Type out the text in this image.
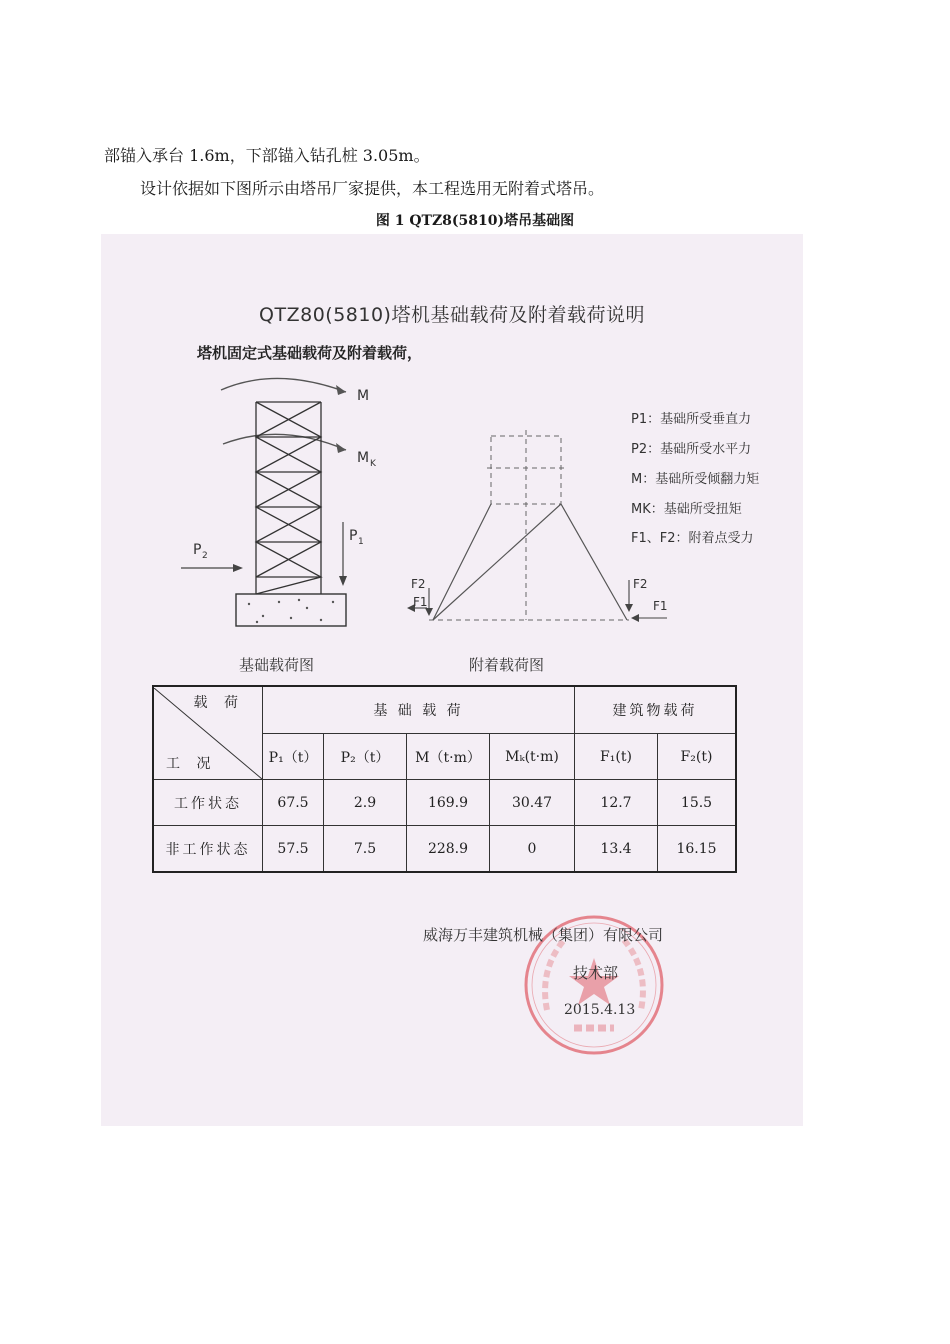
部锚入承台 1.6m，下部锚入钻孔桩 3.05m。
设计依据如下图所示由塔吊厂家提供，本工程选用无附着式塔吊。
图 1 QTZ8(5810)塔吊基础图
QTZ80(5810)塔机基础载荷及附着载荷说明
塔机固定式基础载荷及附着载荷，
M
M K
P 1
P 2
F2
F1
F2
F1
P1：基础所受垂直力
P2：基础所受水平力
M：基础所受倾翻力矩
MK：基础所受扭矩
F1、F2：附着点受力
基础载荷图	附着载荷图
载 荷
工 况	基 础 载 荷				建筑物载荷	
	P₁（t）	P₂（t）	M（t·m）	Mₖ(t·m)	F₁(t)	F₂(t)
工作状态	67.5	2.9	169.9	30.47	12.7	15.5
非工作状态	57.5	7.5	228.9	0	13.4	16.15
威海万丰建筑机械（集团）有限公司
技术部
2015.4.13
